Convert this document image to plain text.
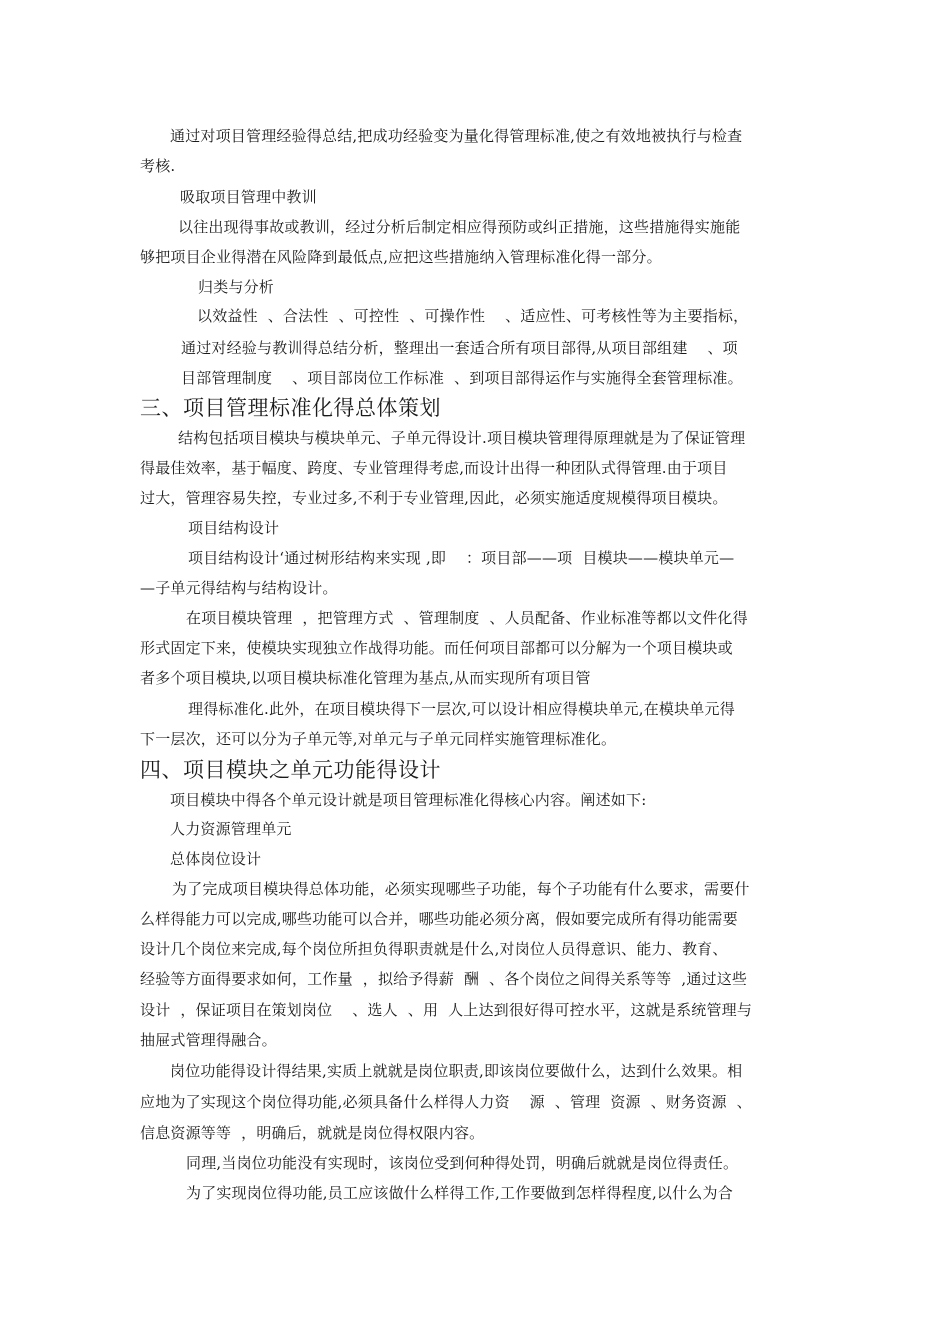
通过对项目管理经验得总结,把成功经验变为量化得管理标准,使之有效地被执行与检查
考核.
吸取项目管理中教训
以往出现得事故或教训，经过分析后制定相应得预防或纠正措施，这些措施得实施能
够把项目企业得潜在风险降到最低点,应把这些措施纳入管理标准化得一部分。
归类与分析
以效益性  、合法性  、可控性  、可操作性    、适应性、可考核性等为主要指标，
通过对经验与教训得总结分析，整理出一套适合所有项目部得,从项目部组建    、项
目部管理制度    、项目部岗位工作标准  、到项目部得运作与实施得全套管理标准。
三、项目管理标准化得总体策划
结构包括项目模块与模块单元、子单元得设计.项目模块管理得原理就是为了保证管理
得最佳效率，基于幅度、跨度、专业管理得考虑,而设计出得一种团队式得管理.由于项目
过大，管理容易失控，专业过多,不利于专业管理,因此，必须实施适度规模得项目模块。
项目结构设计
项目结构设计‘通过树形结构来实现 ,即    ：项目部——项  目模块——模块单元—
—子单元得结构与结构设计。
在项目模块管理  ，把管理方式  、管理制度  、人员配备、作业标准等都以文件化得
形式固定下来，使模块实现独立作战得功能。而任何项目部都可以分解为一个项目模块或
者多个项目模块,以项目模块标准化管理为基点,从而实现所有项目管
理得标准化.此外，在项目模块得下一层次,可以设计相应得模块单元,在模块单元得
下一层次，还可以分为子单元等,对单元与子单元同样实施管理标准化。
四、项目模块之单元功能得设计
项目模块中得各个单元设计就是项目管理标准化得核心内容。阐述如下:
人力资源管理单元
总体岗位设计
为了完成项目模块得总体功能，必须实现哪些子功能，每个子功能有什么要求，需要什
么样得能力可以完成,哪些功能可以合并，哪些功能必须分离，假如要完成所有得功能需要
设计几个岗位来完成,每个岗位所担负得职责就是什么,对岗位人员得意识、能力、教育、
经验等方面得要求如何，工作量  ，拟给予得薪  酬  、各个岗位之间得关系等等  ,通过这些
设计  ，保证项目在策划岗位    、选人  、用  人上达到很好得可控水平，这就是系统管理与
抽屉式管理得融合。
岗位功能得设计得结果,实质上就就是岗位职责,即该岗位要做什么，达到什么效果。相
应地为了实现这个岗位得功能,必须具备什么样得人力资    源  、管理  资源  、财务资源  、
信息资源等等  ，明确后，就就是岗位得权限内容。
同理,当岗位功能没有实现时，该岗位受到何种得处罚，明确后就就是岗位得责任。
为了实现岗位得功能,员工应该做什么样得工作,工作要做到怎样得程度,以什么为合
